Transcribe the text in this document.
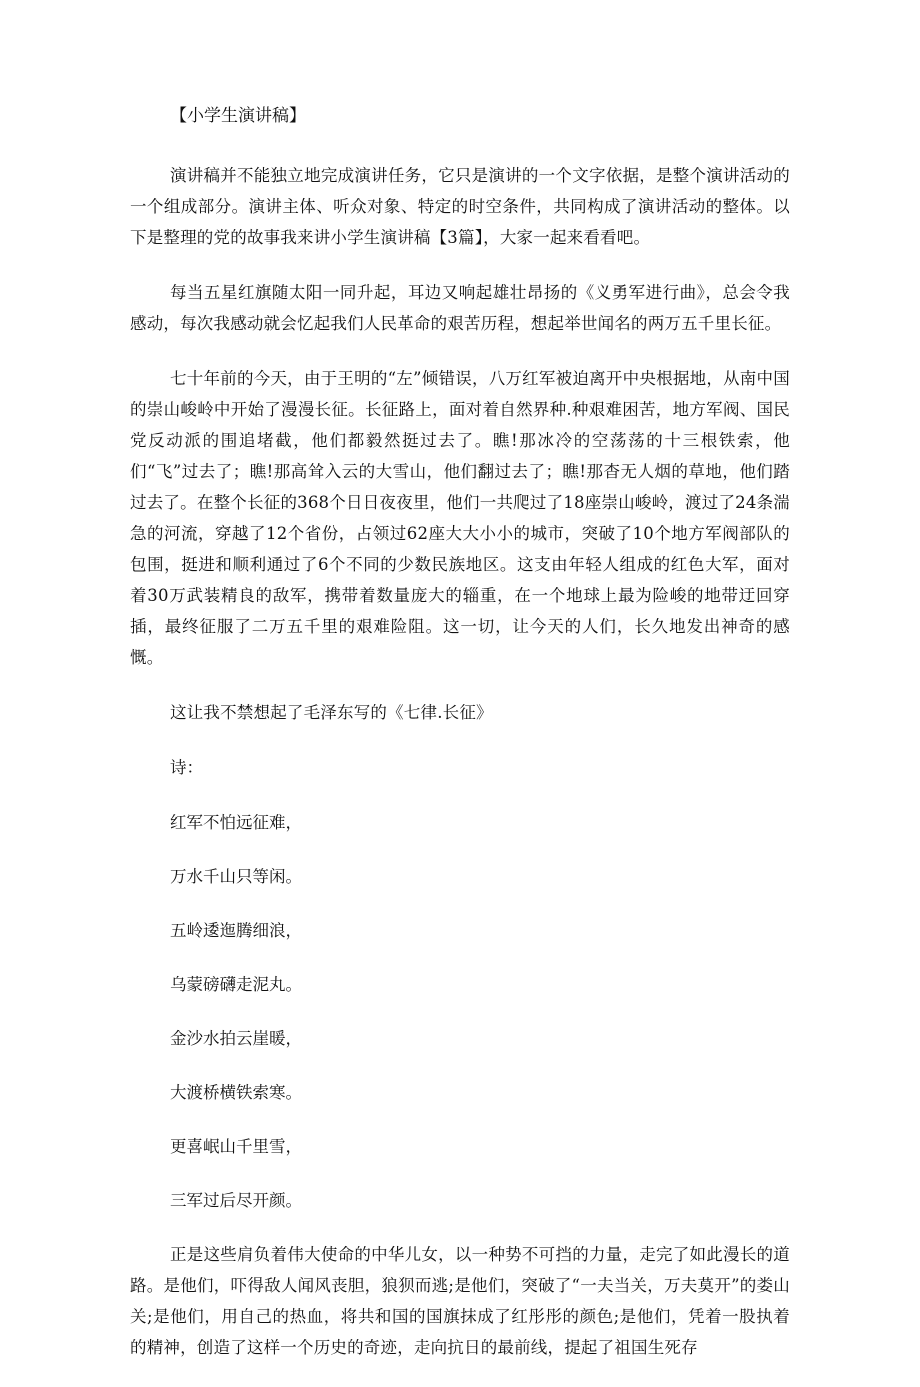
【小学生演讲稿】

演讲稿并不能独立地完成演讲任务，它只是演讲的一个文字依据，是整个演讲活动的一个组成部分。演讲主体、听众对象、特定的时空条件，共同构成了演讲活动的整体。以下是整理的党的故事我来讲小学生演讲稿【3篇】，大家一起来看看吧。

每当五星红旗随太阳一同升起，耳边又响起雄壮昂扬的《义勇军进行曲》，总会令我感动，每次我感动就会忆起我们人民革命的艰苦历程，想起举世闻名的两万五千里长征。

七十年前的今天，由于王明的“左”倾错误，八万红军被迫离开中央根据地，从南中国的崇山峻岭中开始了漫漫长征。长征路上，面对着自然界种.种艰难困苦，地方军阀、国民党反动派的围追堵截，他们都毅然挺过去了。瞧!那冰冷的空荡荡的十三根铁索，他们“飞”过去了；瞧!那高耸入云的大雪山，他们翻过去了；瞧!那杳无人烟的草地，他们踏过去了。在整个长征的368个日日夜夜里，他们一共爬过了18座崇山峻岭，渡过了24条湍急的河流，穿越了12个省份，占领过62座大大小小的城市，突破了10个地方军阀部队的包围，挺进和顺利通过了6个不同的少数民族地区。这支由年轻人组成的红色大军，面对着30万武装精良的敌军，携带着数量庞大的辎重，在一个地球上最为险峻的地带迂回穿插，最终征服了二万五千里的艰难险阻。这一切，让今天的人们，长久地发出神奇的感慨。

这让我不禁想起了毛泽东写的《七律.长征》

诗：

红军不怕远征难，

万水千山只等闲。

五岭逶迤腾细浪，

乌蒙磅礴走泥丸。

金沙水拍云崖暖，

大渡桥横铁索寒。

更喜岷山千里雪，

三军过后尽开颜。

正是这些肩负着伟大使命的中华儿女，以一种势不可挡的力量，走完了如此漫长的道路。是他们，吓得敌人闻风丧胆，狼狈而逃;是他们，突破了“一夫当关，万夫莫开”的娄山关;是他们，用自己的热血，将共和国的国旗抹成了红彤彤的颜色;是他们，凭着一股执着的精神，创造了这样一个历史的奇迹，走向抗日的最前线，提起了祖国生死存
